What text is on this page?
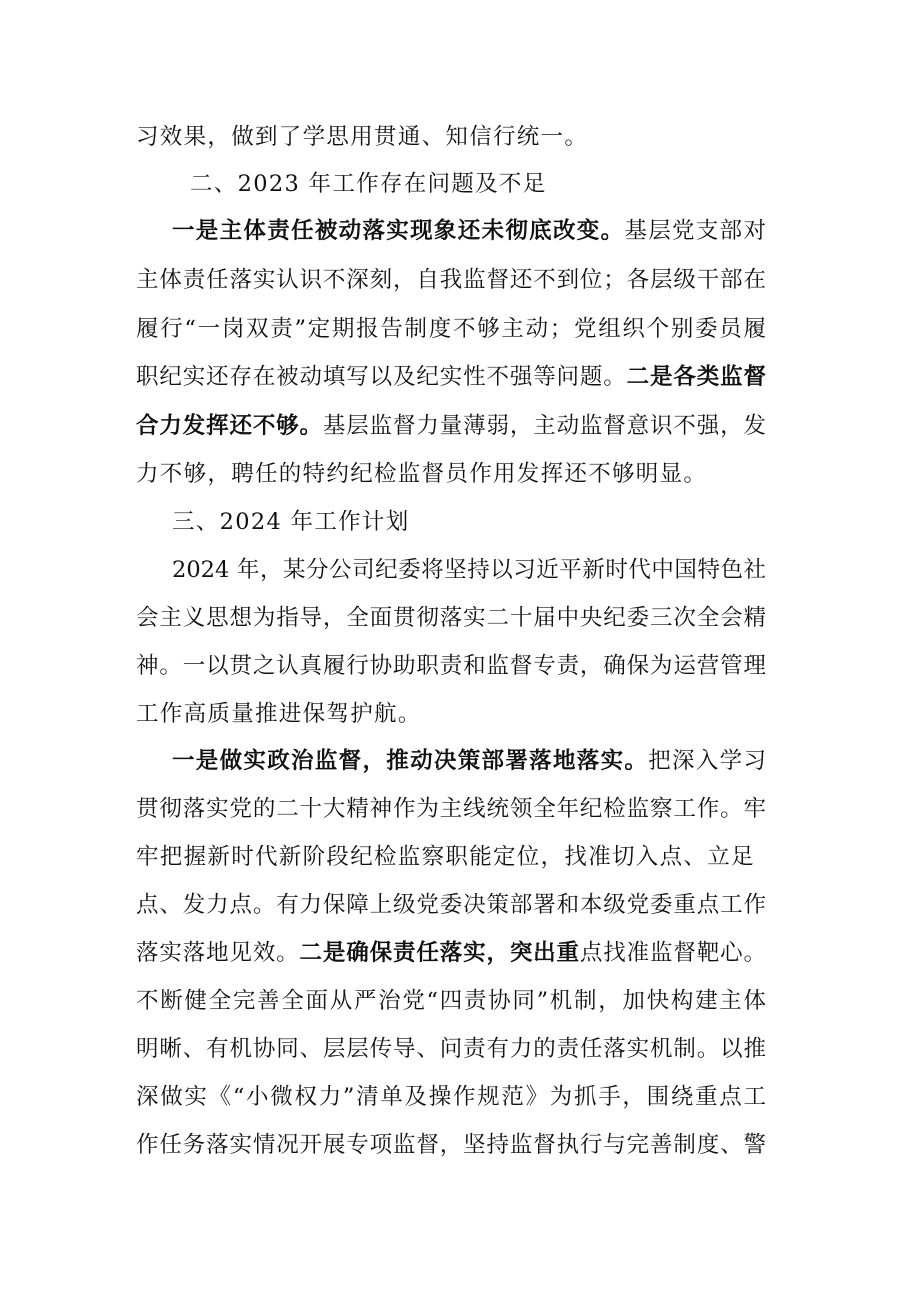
习效果，做到了学思用贯通、知信行统一。
二、2023 年工作存在问题及不足
一是主体责任被动落实现象还未彻底改变。基层党支部对
主体责任落实认识不深刻，自我监督还不到位；各层级干部在
履行“一岗双责”定期报告制度不够主动；党组织个别委员履
职纪实还存在被动填写以及纪实性不强等问题。二是各类监督
合力发挥还不够。基层监督力量薄弱，主动监督意识不强，发
力不够，聘任的特约纪检监督员作用发挥还不够明显。
三、2024 年工作计划
2024 年，某分公司纪委将坚持以习近平新时代中国特色社
会主义思想为指导，全面贯彻落实二十届中央纪委三次全会精
神。一以贯之认真履行协助职责和监督专责，确保为运营管理
工作高质量推进保驾护航。
一是做实政治监督，推动决策部署落地落实。把深入学习
贯彻落实党的二十大精神作为主线统领全年纪检监察工作。牢
牢把握新时代新阶段纪检监察职能定位，找准切入点、立足
点、发力点。有力保障上级党委决策部署和本级党委重点工作
落实落地见效。二是确保责任落实，突出重点找准监督靶心。
不断健全完善全面从严治党“四责协同”机制，加快构建主体
明晰、有机协同、层层传导、问责有力的责任落实机制。以推
深做实《“小微权力”清单及操作规范》为抓手，围绕重点工
作任务落实情况开展专项监督，坚持监督执行与完善制度、警
